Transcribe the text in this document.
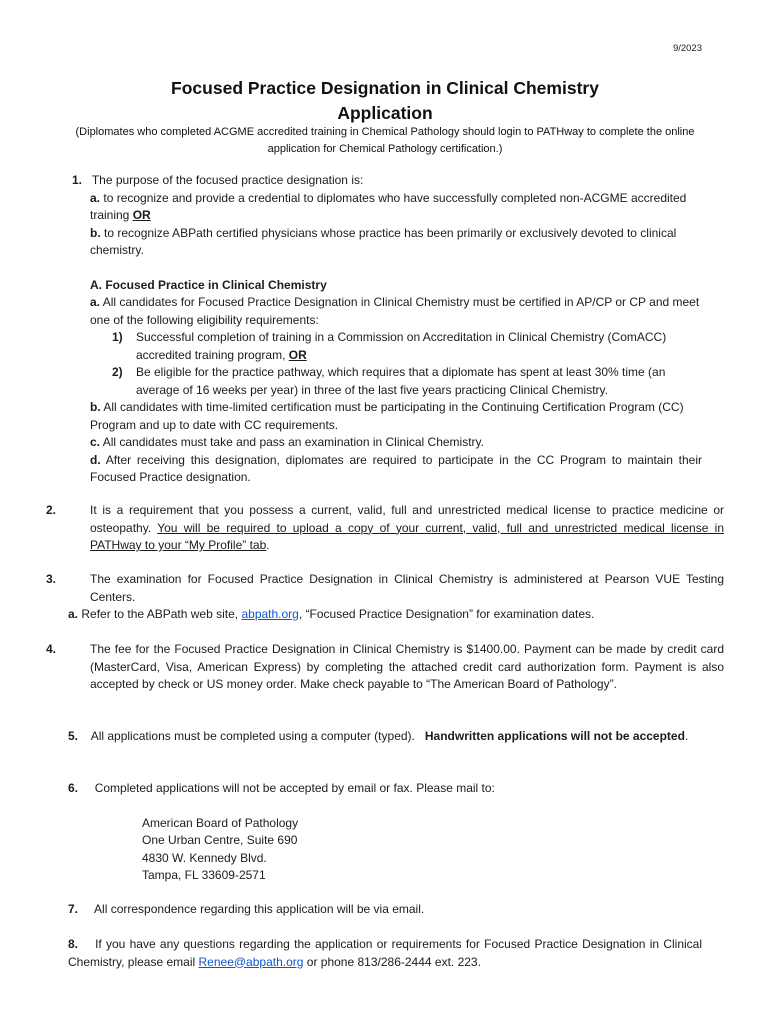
9/2023
Focused Practice Designation in Clinical Chemistry
Application
(Diplomates who completed ACGME accredited training in Chemical Pathology should login to PATHway to complete the online application for Chemical Pathology certification.)

1. The purpose of the focused practice designation is:

a. to recognize and provide a credential to diplomates who have successfully completed non-ACGME accredited training OR

b. to recognize ABPath certified physicians whose practice has been primarily or exclusively devoted to clinical chemistry.

A. Focused Practice in Clinical Chemistry

a. All candidates for Focused Practice Designation in Clinical Chemistry must be certified in AP/CP or CP and meet one of the following eligibility requirements:

1)	Successful completion of training in a Commission on Accreditation in Clinical Chemistry (ComACC) accredited training program, OR
2)	Be eligible for the practice pathway, which requires that a diplomate has spent at least 30% time (an average of 16 weeks per year) in three of the last five years practicing Clinical Chemistry.

b. All candidates with time-limited certification must be participating in the Continuing Certification Program (CC) Program and up to date with CC requirements.

c. All candidates must take and pass an examination in Clinical Chemistry.

d. After receiving this designation, diplomates are required to participate in the CC Program to maintain their Focused Practice designation.

2.	It is a requirement that you possess a current, valid, full and unrestricted medical license to practice medicine or osteopathy. You will be required to upload a copy of your current, valid, full and unrestricted medical license in PATHway to your “My Profile” tab.
3.	The examination for Focused Practice Designation in Clinical Chemistry is administered at Pearson VUE Testing Centers.
a. Refer to the ABPath web site, abpath.org, “Focused Practice Designation” for examination dates.
4.	The fee for the Focused Practice Designation in Clinical Chemistry is $1400.00. Payment can be made by credit card (MasterCard, Visa, American Express) by completing the attached credit card authorization form. Payment is also accepted by check or US money order. Make check payable to “The American Board of Pathology”.
5. All applications must be completed using a computer (typed). Handwritten applications will not be accepted.

6. Completed applications will not be accepted by email or fax. Please mail to:

American Board of Pathology
One Urban Centre, Suite 690
4830 W. Kennedy Blvd.
Tampa, FL 33609-2571
7. All correspondence regarding this application will be via email.
8. If you have any questions regarding the application or requirements for Focused Practice Designation in Clinical Chemistry, please email Renee@abpath.org or phone 813/286-2444 ext. 223.
